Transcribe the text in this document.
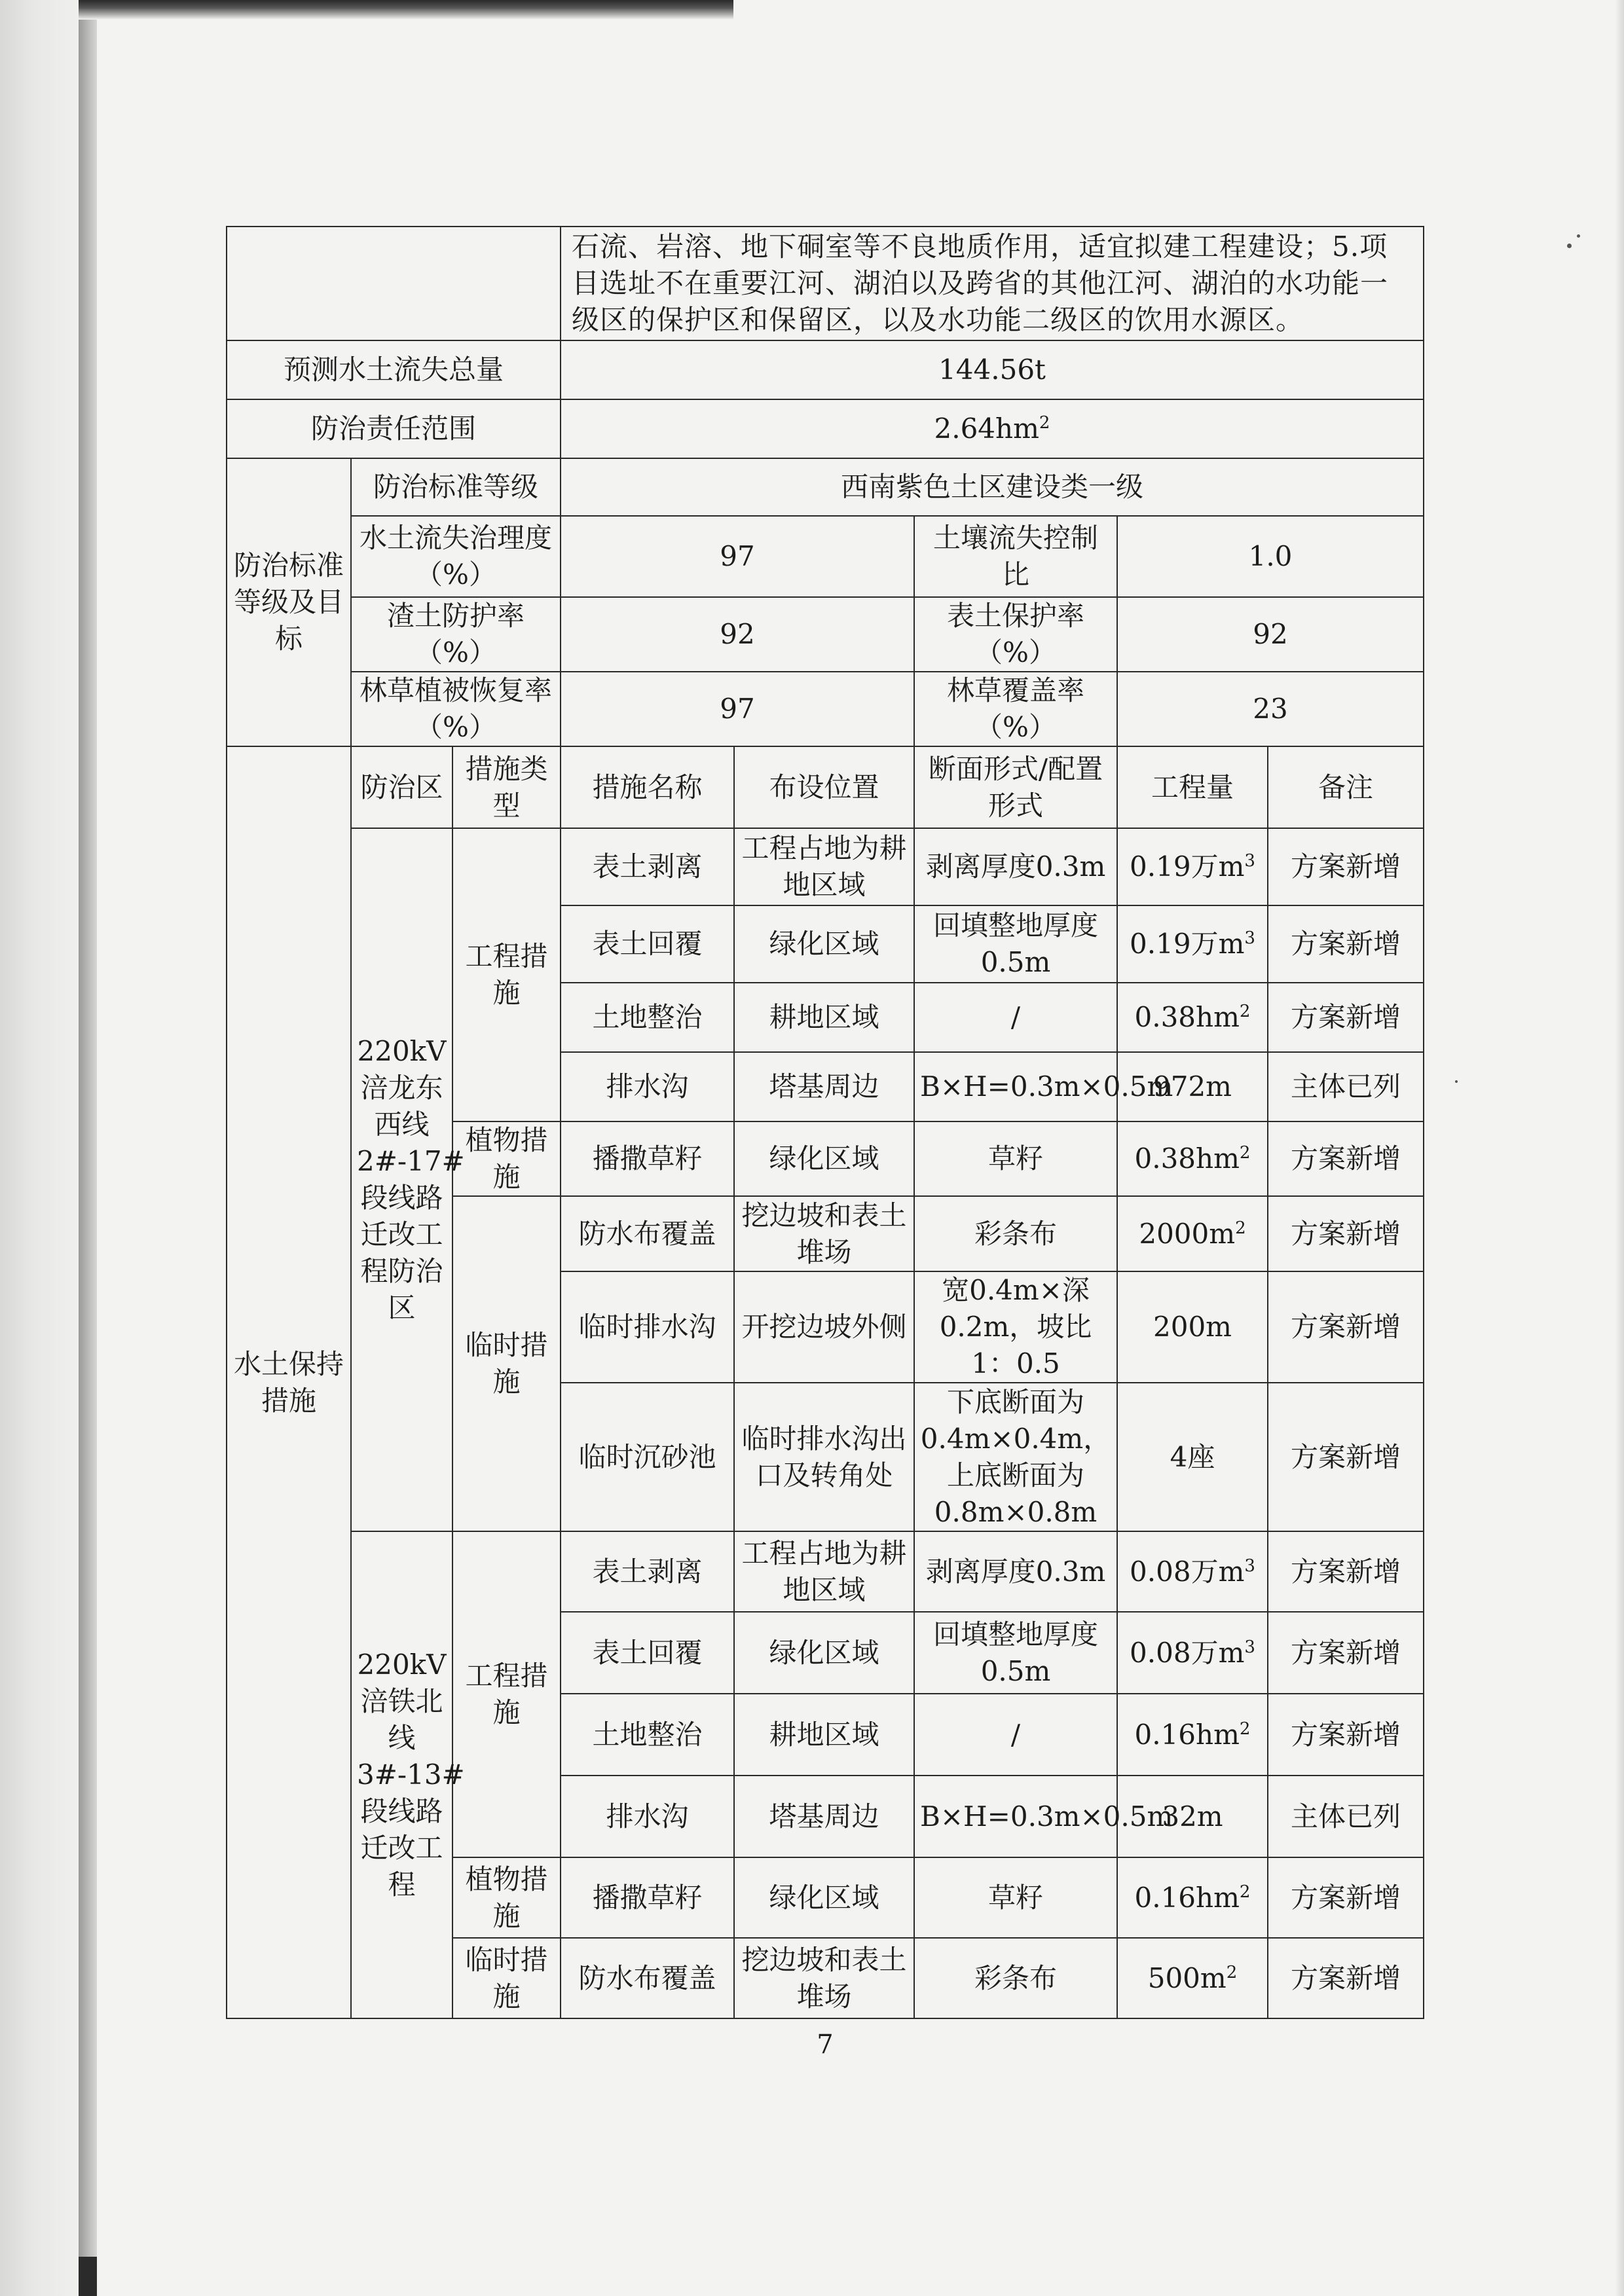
			石流、岩溶、地下硐室等不良地质作用，适宜拟建工程建设；5.项目选址不在重要江河、湖泊以及跨省的其他江河、湖泊的水功能一级区的保护区和保留区，以及水功能二级区的饮用水源区。				
预测水土流失总量			144.56t				
防治责任范围			$2.64hm^2$
防治标准等级及目标	防治标准等级		西南紫色土区建设类一级				
	水土流失治理度（%）		97		土壤流失控制比	1.0	
	渣土防护率（%）		92		表土保护率（%）	92	
	林草植被恢复率（%）		97		林草覆盖率（%）	23	
水土保持措施	防治区	措施类型	措施名称	布设位置	断面形式/配置形式	工程量	备注
	220kV涪龙东西线2#-17#段线路迁改工程防治区	工程措施	表土剥离	工程占地为耕地区域	剥离厚度0.3m	0.19万$m^3$	方案新增
			表土回覆	绿化区域	回填整地厚度0.5m	0.19万$m^3$	方案新增
			土地整治	耕地区域	/	$0.38hm^2$	方案新增
			排水沟	塔基周边	B×H=0.3m×0.5m	972m	主体已列
		植物措施	播撒草籽	绿化区域	草籽	$0.38hm^2$	方案新增
		临时措施	防水布覆盖	挖边坡和表土堆场	彩条布	$2000m^2$	方案新增
			临时排水沟	开挖边坡外侧	宽0.4m×深0.2m，坡比1：0.5	200m	方案新增
			临时沉砂池	临时排水沟出口及转角处	下底断面为0.4m×0.4m，上底断面为0.8m×0.8m	4座	方案新增
	220kV涪铁北线3#-13#段线路迁改工程	工程措施	表土剥离	工程占地为耕地区域	剥离厚度0.3m	0.08万$m^3$	方案新增
			表土回覆	绿化区域	回填整地厚度0.5m	0.08万$m^3$	方案新增
			土地整治	耕地区域	/	$0.16hm^2$	方案新增
			排水沟	塔基周边	B×H=0.3m×0.5m	32m	主体已列
		植物措施	播撒草籽	绿化区域	草籽	$0.16hm^2$	方案新增
		临时措施	防水布覆盖	挖边坡和表土堆场	彩条布	$500m^2$	方案新增
7
